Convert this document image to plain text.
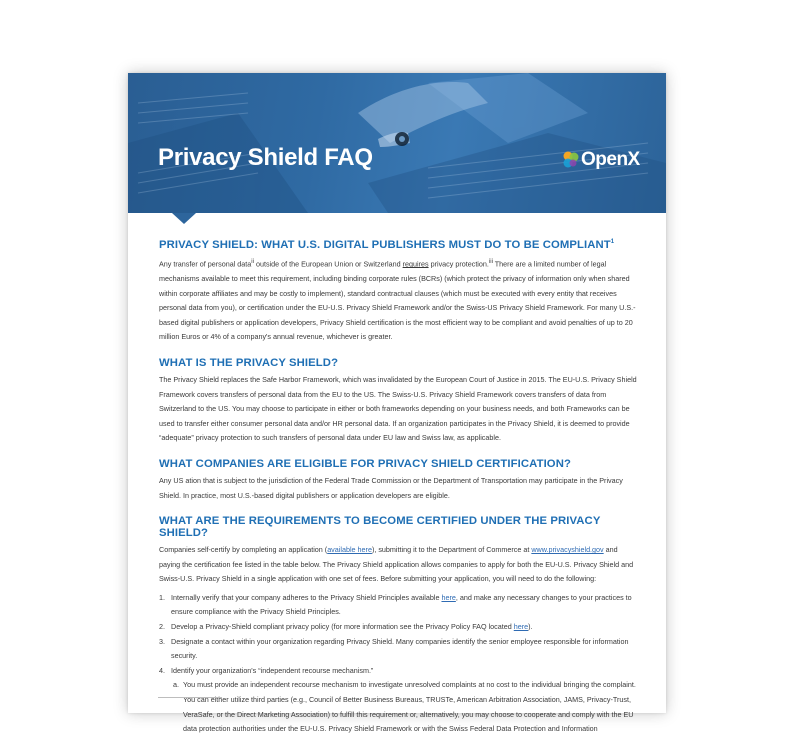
Privacy Shield FAQ	OpenX
PRIVACY SHIELD: WHAT U.S. DIGITAL PUBLISHERS MUST DO TO BE COMPLIANT$^1$

Any transfer of personal data$^{ii}$ outside of the European Union or Switzerland requires privacy protection.$^{iii}$ There are a limited number of legal mechanisms available to meet this requirement, including binding corporate rules (BCRs) (which protect the privacy of information only when shared within corporate affiliates and may be costly to implement), standard contractual clauses (which must be executed with every entity that receives personal data from you), or certification under the EU-U.S. Privacy Shield Framework and/or the Swiss-US Privacy Shield Framework. For many U.S.-based digital publishers or application developers, Privacy Shield certification is the most efficient way to be compliant and avoid penalties of up to 20 million Euros or 4% of a company's annual revenue, whichever is greater.

WHAT IS THE PRIVACY SHIELD?

The Privacy Shield replaces the Safe Harbor Framework, which was invalidated by the European Court of Justice in 2015. The EU-U.S. Privacy Shield Framework covers transfers of personal data from the EU to the US. The Swiss-U.S. Privacy Shield Framework covers transfers of data from Switzerland to the US. You may choose to participate in either or both frameworks depending on your business needs, and both Frameworks can be used to transfer either consumer personal data and/or HR personal data. If an organization participates in the Privacy Shield, it is deemed to provide “adequate” privacy protection to such transfers of personal data under EU law and Swiss law, as applicable.

WHAT COMPANIES ARE ELIGIBLE FOR PRIVACY SHIELD CERTIFICATION?

Any US ation that is subject to the jurisdiction of the Federal Trade Commission or the Department of Transportation may participate in the Privacy Shield. In practice, most U.S.-based digital publishers or application developers are eligible.

WHAT ARE THE REQUIREMENTS TO BECOME CERTIFIED UNDER THE PRIVACY SHIELD?

Companies self-certify by completing an application (available here), submitting it to the Department of Commerce at www.privacyshield.gov and paying the certification fee listed in the table below. The Privacy Shield application allows companies to apply for both the EU-U.S. Privacy Shield and Swiss-U.S. Privacy Shield in a single application with one set of fees. Before submitting your application, you will need to do the following:

1. Internally verify that your company adheres to the Privacy Shield Principles available here, and make any necessary changes to your practices to ensure compliance with the Privacy Shield Principles.
2. Develop a Privacy-Shield compliant privacy policy (for more information see the Privacy Policy FAQ located here).
3. Designate a contact within your organization regarding Privacy Shield. Many companies identify the senior employee responsible for information security.
4. Identify your organization's “independent recourse mechanism.”
a. You must provide an independent recourse mechanism to investigate unresolved complaints at no cost to the individual bringing the complaint. You can either utilize third parties (e.g., Council of Better Business Bureaus, TRUSTe, American Arbitration Association, JAMS, Privacy-Trust, VeraSafe, or the Direct Marketing Association) to fulfill this requirement or, alternatively, you may choose to cooperate and comply with the EU data protection authorities under the EU-U.S. Privacy Shield Framework or with the Swiss Federal Data Protection and Information
